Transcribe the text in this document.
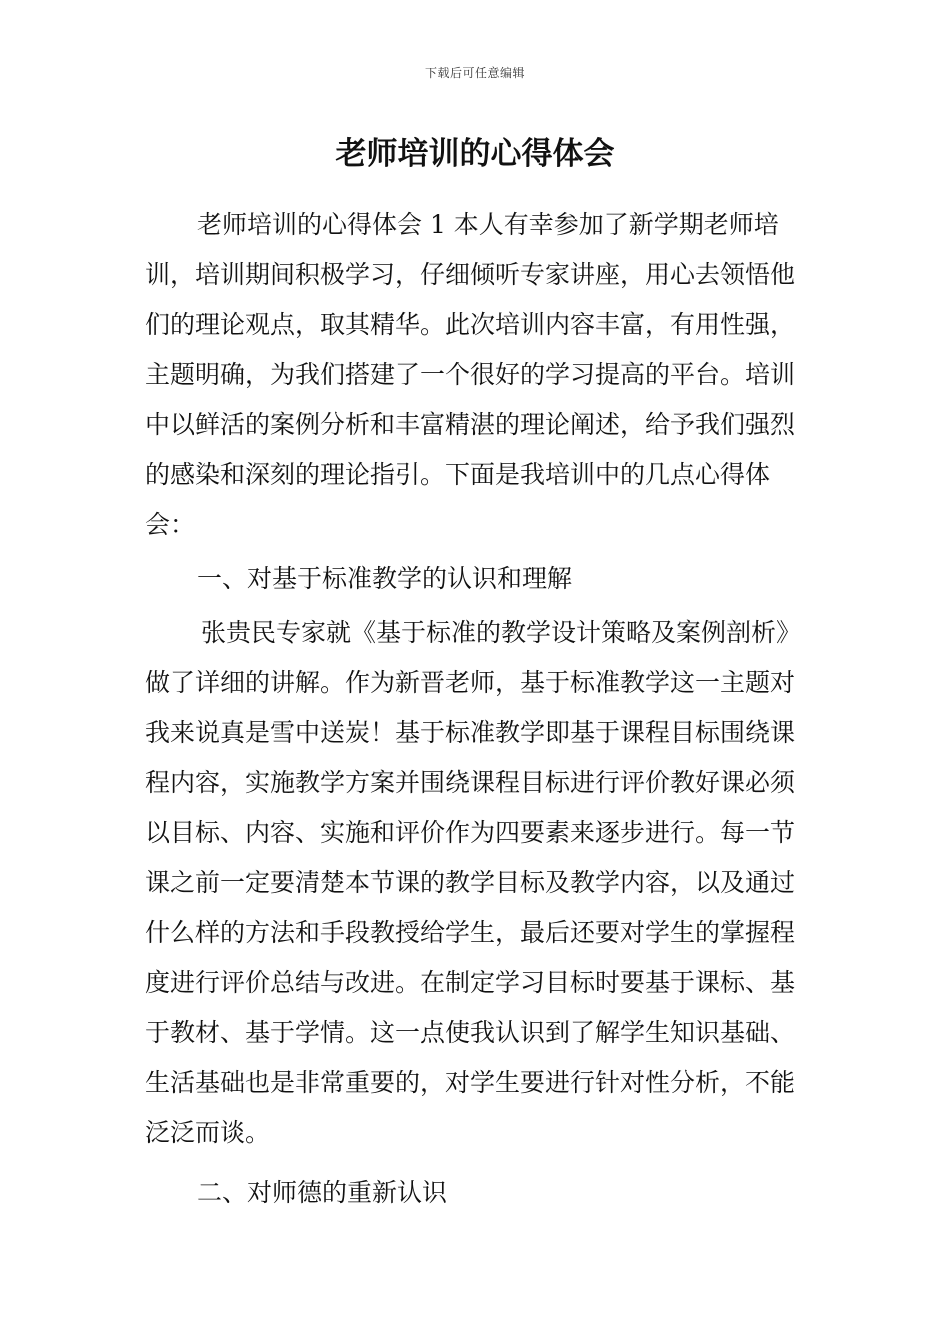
下载后可任意编辑
老师培训的心得体会

老师培训的心得体会 1 本人有幸参加了新学期老师培训，培训期间积极学习，仔细倾听专家讲座，用心去领悟他们的理论观点，取其精华。此次培训内容丰富，有用性强，主题明确，为我们搭建了一个很好的学习提高的平台。培训中以鲜活的案例分析和丰富精湛的理论阐述，给予我们强烈的感染和深刻的理论指引。下面是我培训中的几点心得体会：

一、对基于标准教学的认识和理解

张贵民专家就《基于标准的教学设计策略及案例剖析》做了详细的讲解。作为新晋老师，基于标准教学这一主题对我来说真是雪中送炭！基于标准教学即基于课程目标围绕课程内容，实施教学方案并围绕课程目标进行评价教好课必须以目标、内容、实施和评价作为四要素来逐步进行。每一节课之前一定要清楚本节课的教学目标及教学内容，以及通过什么样的方法和手段教授给学生，最后还要对学生的掌握程度进行评价总结与改进。在制定学习目标时要基于课标、基于教材、基于学情。这一点使我认识到了解学生知识基础、生活基础也是非常重要的，对学生要进行针对性分析，不能泛泛而谈。

二、对师德的重新认识
